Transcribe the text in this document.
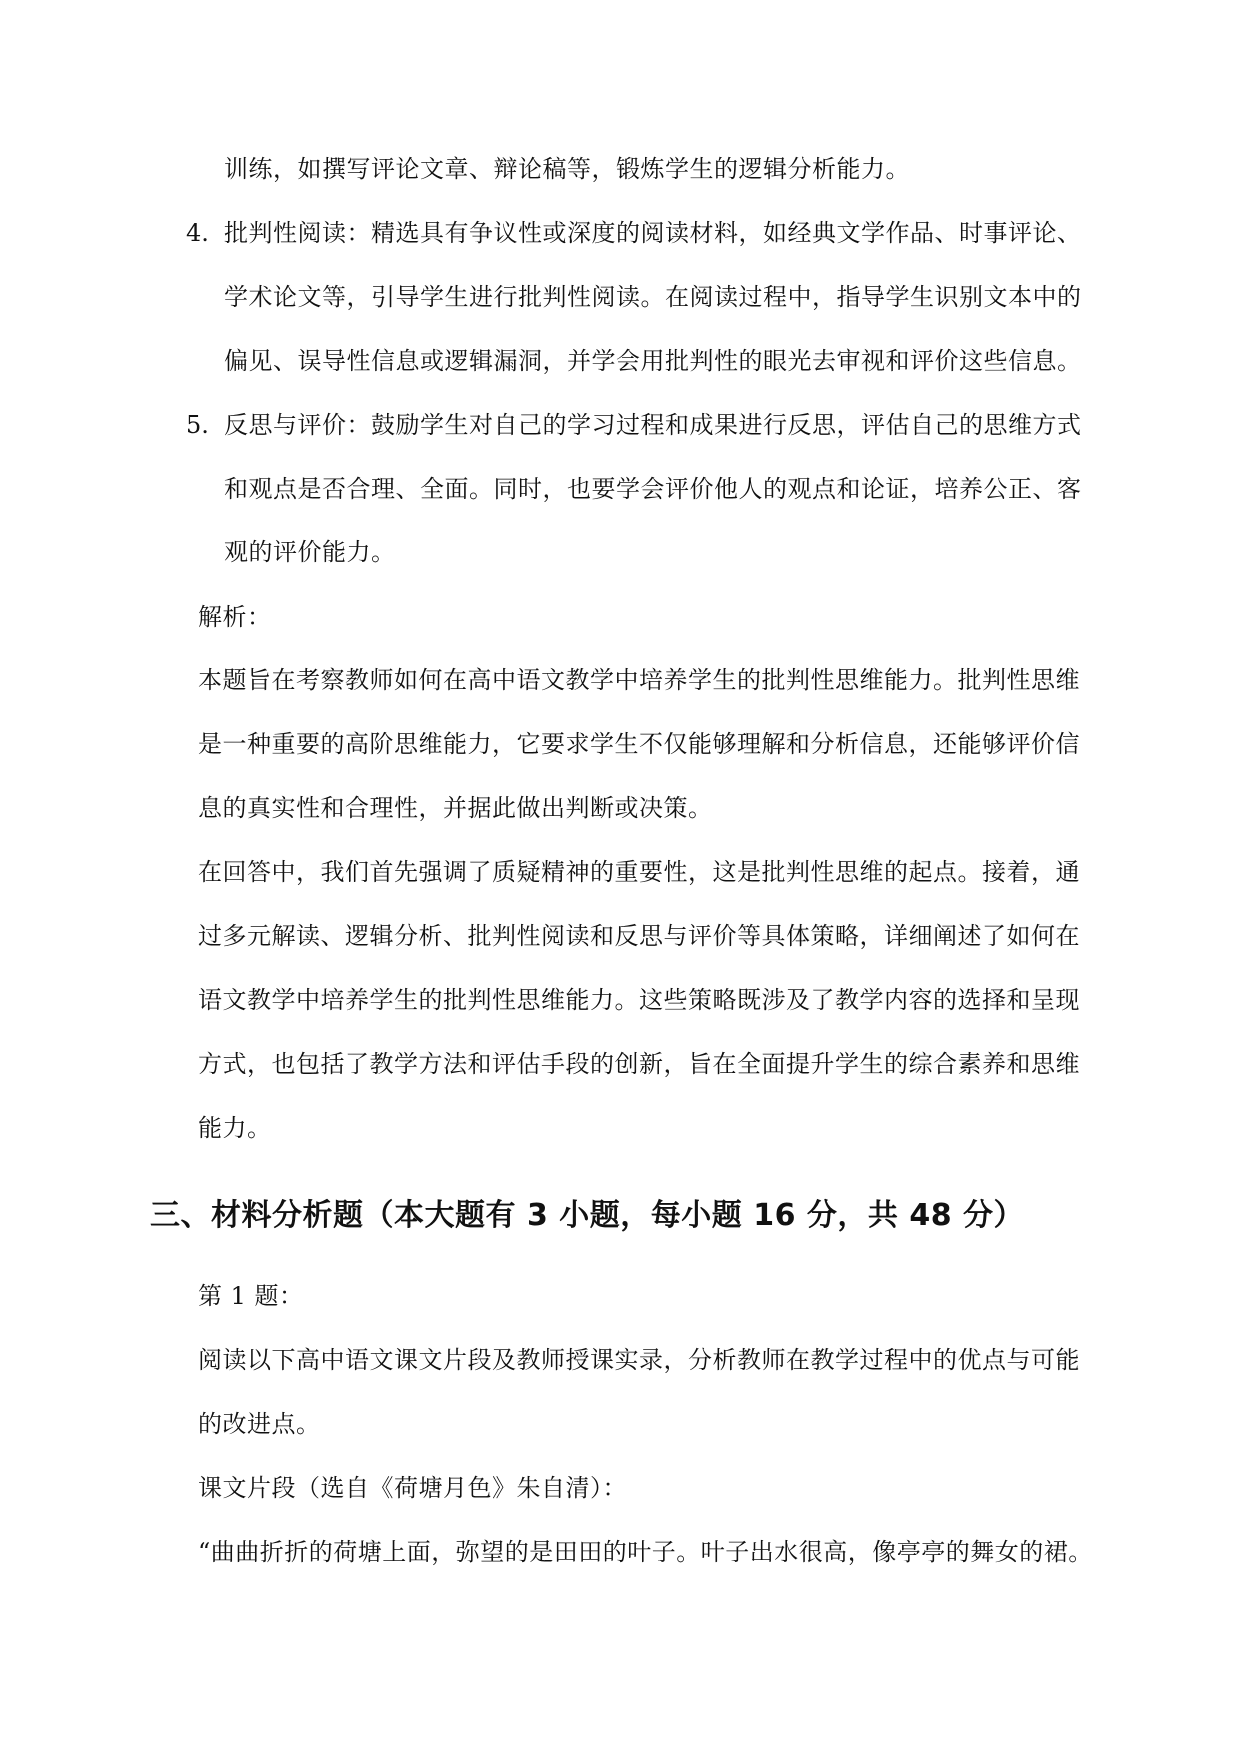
训练，如撰写评论文章、辩论稿等，锻炼学生的逻辑分析能力。
4. 批判性阅读：精选具有争议性或深度的阅读材料，如经典文学作品、时事评论、
学术论文等，引导学生进行批判性阅读。在阅读过程中，指导学生识别文本中的
偏见、误导性信息或逻辑漏洞，并学会用批判性的眼光去审视和评价这些信息。
5. 反思与评价：鼓励学生对自己的学习过程和成果进行反思，评估自己的思维方式
和观点是否合理、全面。同时，也要学会评价他人的观点和论证，培养公正、客
观的评价能力。
解析：
本题旨在考察教师如何在高中语文教学中培养学生的批判性思维能力。批判性思维
是一种重要的高阶思维能力，它要求学生不仅能够理解和分析信息，还能够评价信
息的真实性和合理性，并据此做出判断或决策。
在回答中，我们首先强调了质疑精神的重要性，这是批判性思维的起点。接着，通
过多元解读、逻辑分析、批判性阅读和反思与评价等具体策略，详细阐述了如何在
语文教学中培养学生的批判性思维能力。这些策略既涉及了教学内容的选择和呈现
方式，也包括了教学方法和评估手段的创新，旨在全面提升学生的综合素养和思维
能力。
三、材料分析题（本大题有 3 小题，每小题 16 分，共 48 分）
第 1 题：
阅读以下高中语文课文片段及教师授课实录，分析教师在教学过程中的优点与可能
的改进点。
课文片段（选自《荷塘月色》朱自清）：
“曲曲折折的荷塘上面，弥望的是田田的叶子。叶子出水很高，像亭亭的舞女的裙。
